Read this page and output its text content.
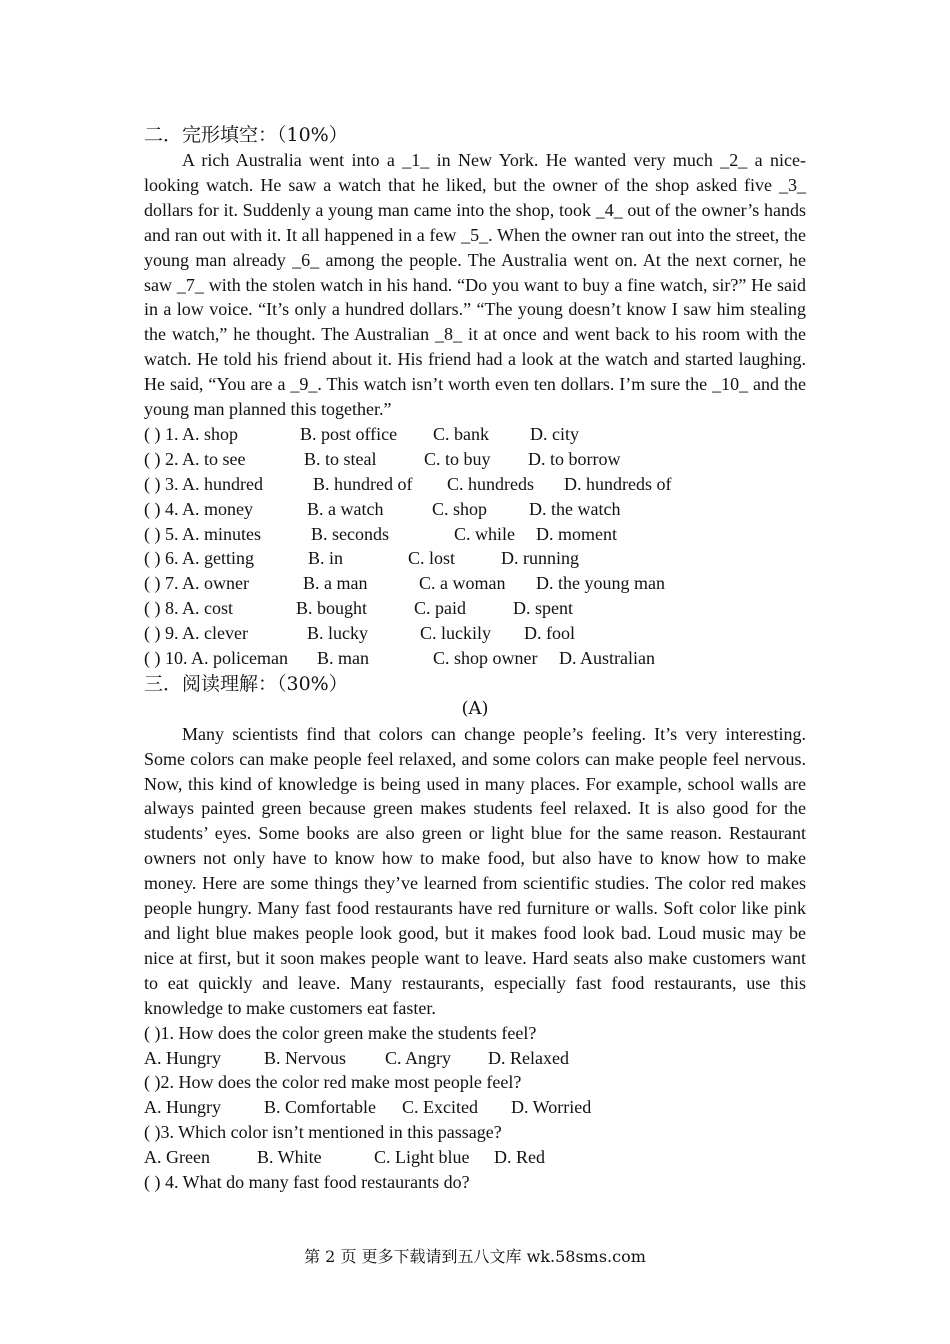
二．完形填空：（10%）

A rich Australia went into a _1_ in New York. He wanted very much _2_ a nice-looking watch. He saw a watch that he liked, but the owner of the shop asked five _3_ dollars for it. Suddenly a young man came into the shop, took _4_ out of the owner’s hands and ran out with it. It all happened in a few _5_. When the owner ran out into the street, the young man already _6_ among the people. The Australia went on. At the next corner, he saw _7_ with the stolen watch in his hand. “Do you want to buy a fine watch, sir?” He said in a low voice. “It’s only a hundred dollars.” “The young doesn’t know I saw him stealing the watch,” he thought. The Australian _8_ it at once and went back to his room with the watch. He told his friend about it. His friend had a look at the watch and started laughing. He said, “You are a _9_. This watch isn’t worth even ten dollars. I’m sure the _10_ and the young man planned this together.”

( ) 1. A. shop	B. post office C. bank D. city
( ) 2. A. to see	B. to steal	C. to buy D. to borrow
( ) 3. A. hundred	B. hundred of C. hundreds D. hundreds of
( ) 4. A. money	B. a watch	C. shop D. the watch
( ) 5. A. minutes	B. seconds	C. while D. moment
( ) 6. A. getting	B. in	C. lost	D. running
( ) 7. A. owner	B. a man	C. a woman D. the young man
( ) 8. A. cost	B. bought	C. paid	D. spent
( ) 9. A. clever	B. lucky	C. luckily D. fool
( ) 10. A. policeman B. man	C. shop owner D. Australian
三．阅读理解：（30%）
(A)

Many scientists find that colors can change people’s feeling. It’s very interesting. Some colors can make people feel relaxed, and some colors can make people feel nervous. Now, this kind of knowledge is being used in many places. For example, school walls are always painted green because green makes students feel relaxed. It is also good for the students’ eyes. Some books are also green or light blue for the same reason. Restaurant owners not only have to know how to make food, but also have to know how to make money. Here are some things they’ve learned from scientific studies. The color red makes people hungry. Many fast food restaurants have red furniture or walls. Soft color like pink and light blue makes people look good, but it makes food look bad. Loud music may be nice at first, but it soon makes people want to leave. Hard seats also make customers want to eat quickly and leave. Many restaurants, especially fast food restaurants, use this knowledge to make customers eat faster.

( )1. How does the color green make the students feel?
A. Hungry B. Nervous C. Angry D. Relaxed
( )2. How does the color red make most people feel?
A. Hungry B. Comfortable C. Excited D. Worried
( )3. Which color isn’t mentioned in this passage?
A. Green	B. White	C. Light blue D. Red
( ) 4. What do many fast food restaurants do?
第 2 页 更多下载请到五八文库 wk.58sms.com
